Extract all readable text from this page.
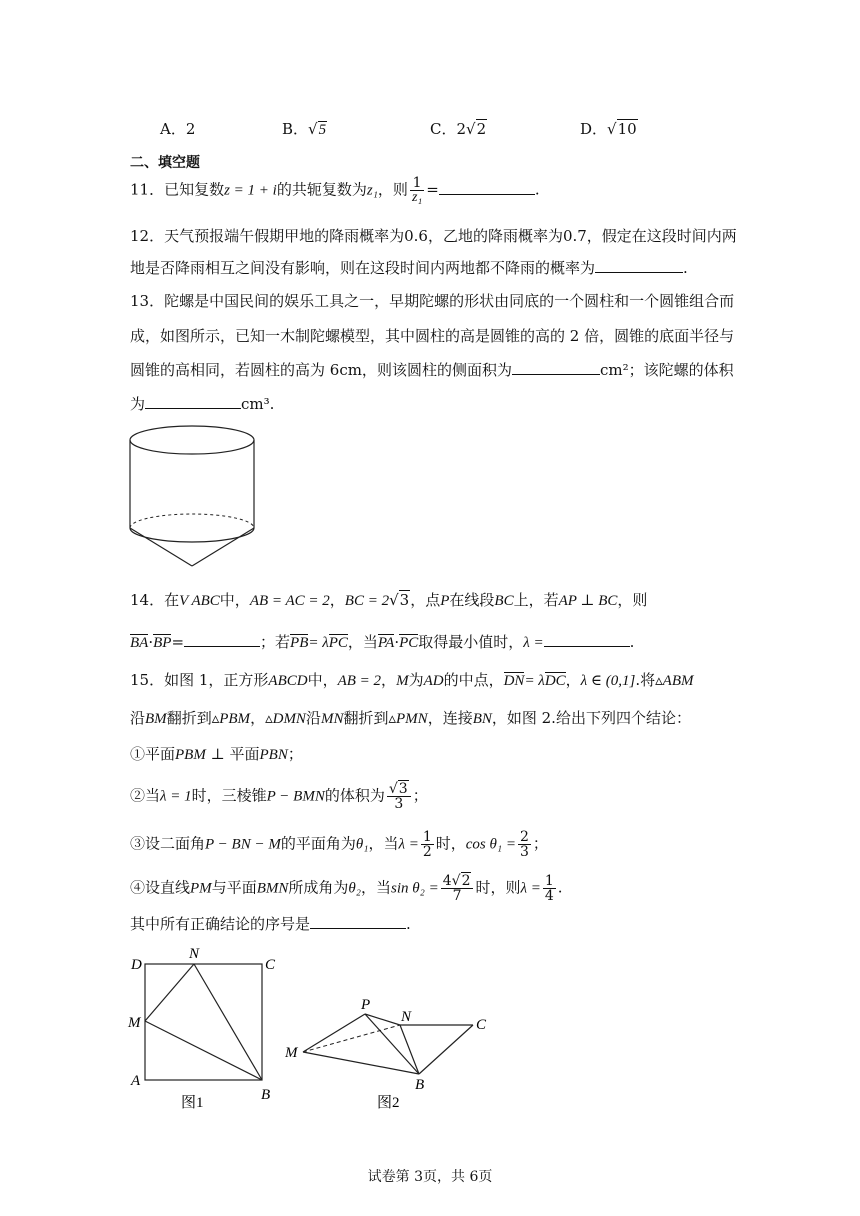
A．2	B．√5	C．2√2	D．√10
二、填空题
11．已知复数z = 1 + i的共轭复数为z₁，则 $\frac{1}{\text{z₁}}$ =	.
12．天气预报端午假期甲地的降雨概率为0.6，乙地的降雨概率为0.7，假定在这段时间内两
地是否降雨相互之间没有影响，则在这段时间内两地都不降雨的概率为	.
13．陀螺是中国民间的娱乐工具之一，早期陀螺的形状由同底的一个圆柱和一个圆锥组合而
成，如图所示，已知一木制陀螺模型，其中圆柱的高是圆锥的高的 2 倍，圆锥的底面半径与
圆锥的高相同，若圆柱的高为 6cm，则该圆柱的侧面积为	cm²；该陀螺的体积
为	cm³.
14．在V ABC中，AB = AC = 2，BC = 2√3，点P在线段BC上，若AP ⊥ BC，则
BA·BP=	；若PB= λPC，当PA·PC取得最小值时，λ =	.
15．如图 1，正方形ABCD中，AB = 2，M为AD的中点，DN= λDC，λ ∈ (0,1].将▵ABM
沿BM翻折到▵PBM，▵DMN沿MN翻折到▵PMN，连接BN，如图 2.给出下列四个结论：
①平面PBM ⊥ 平面PBN；
②当λ = 1时，三棱锥P − BMN的体积为 $\frac{√3}{3}$ ；
③设二面角P − BN − M的平面角为θ₁，当$\lambda = \frac{1}{2}$ 时，$\cos \theta_1 = \frac{2}{3}$ ；
④设直线PM与平面BMN所成角为θ₂，当$\sin \theta_2 = \frac{4√2}{7}$ 时，则$\lambda = \frac{1}{4}$ .
其中所有正确结论的序号是	.
D
N
C
M
A
B
图1
P
N	C
M
B
图2
试卷第 3页，共 6页
